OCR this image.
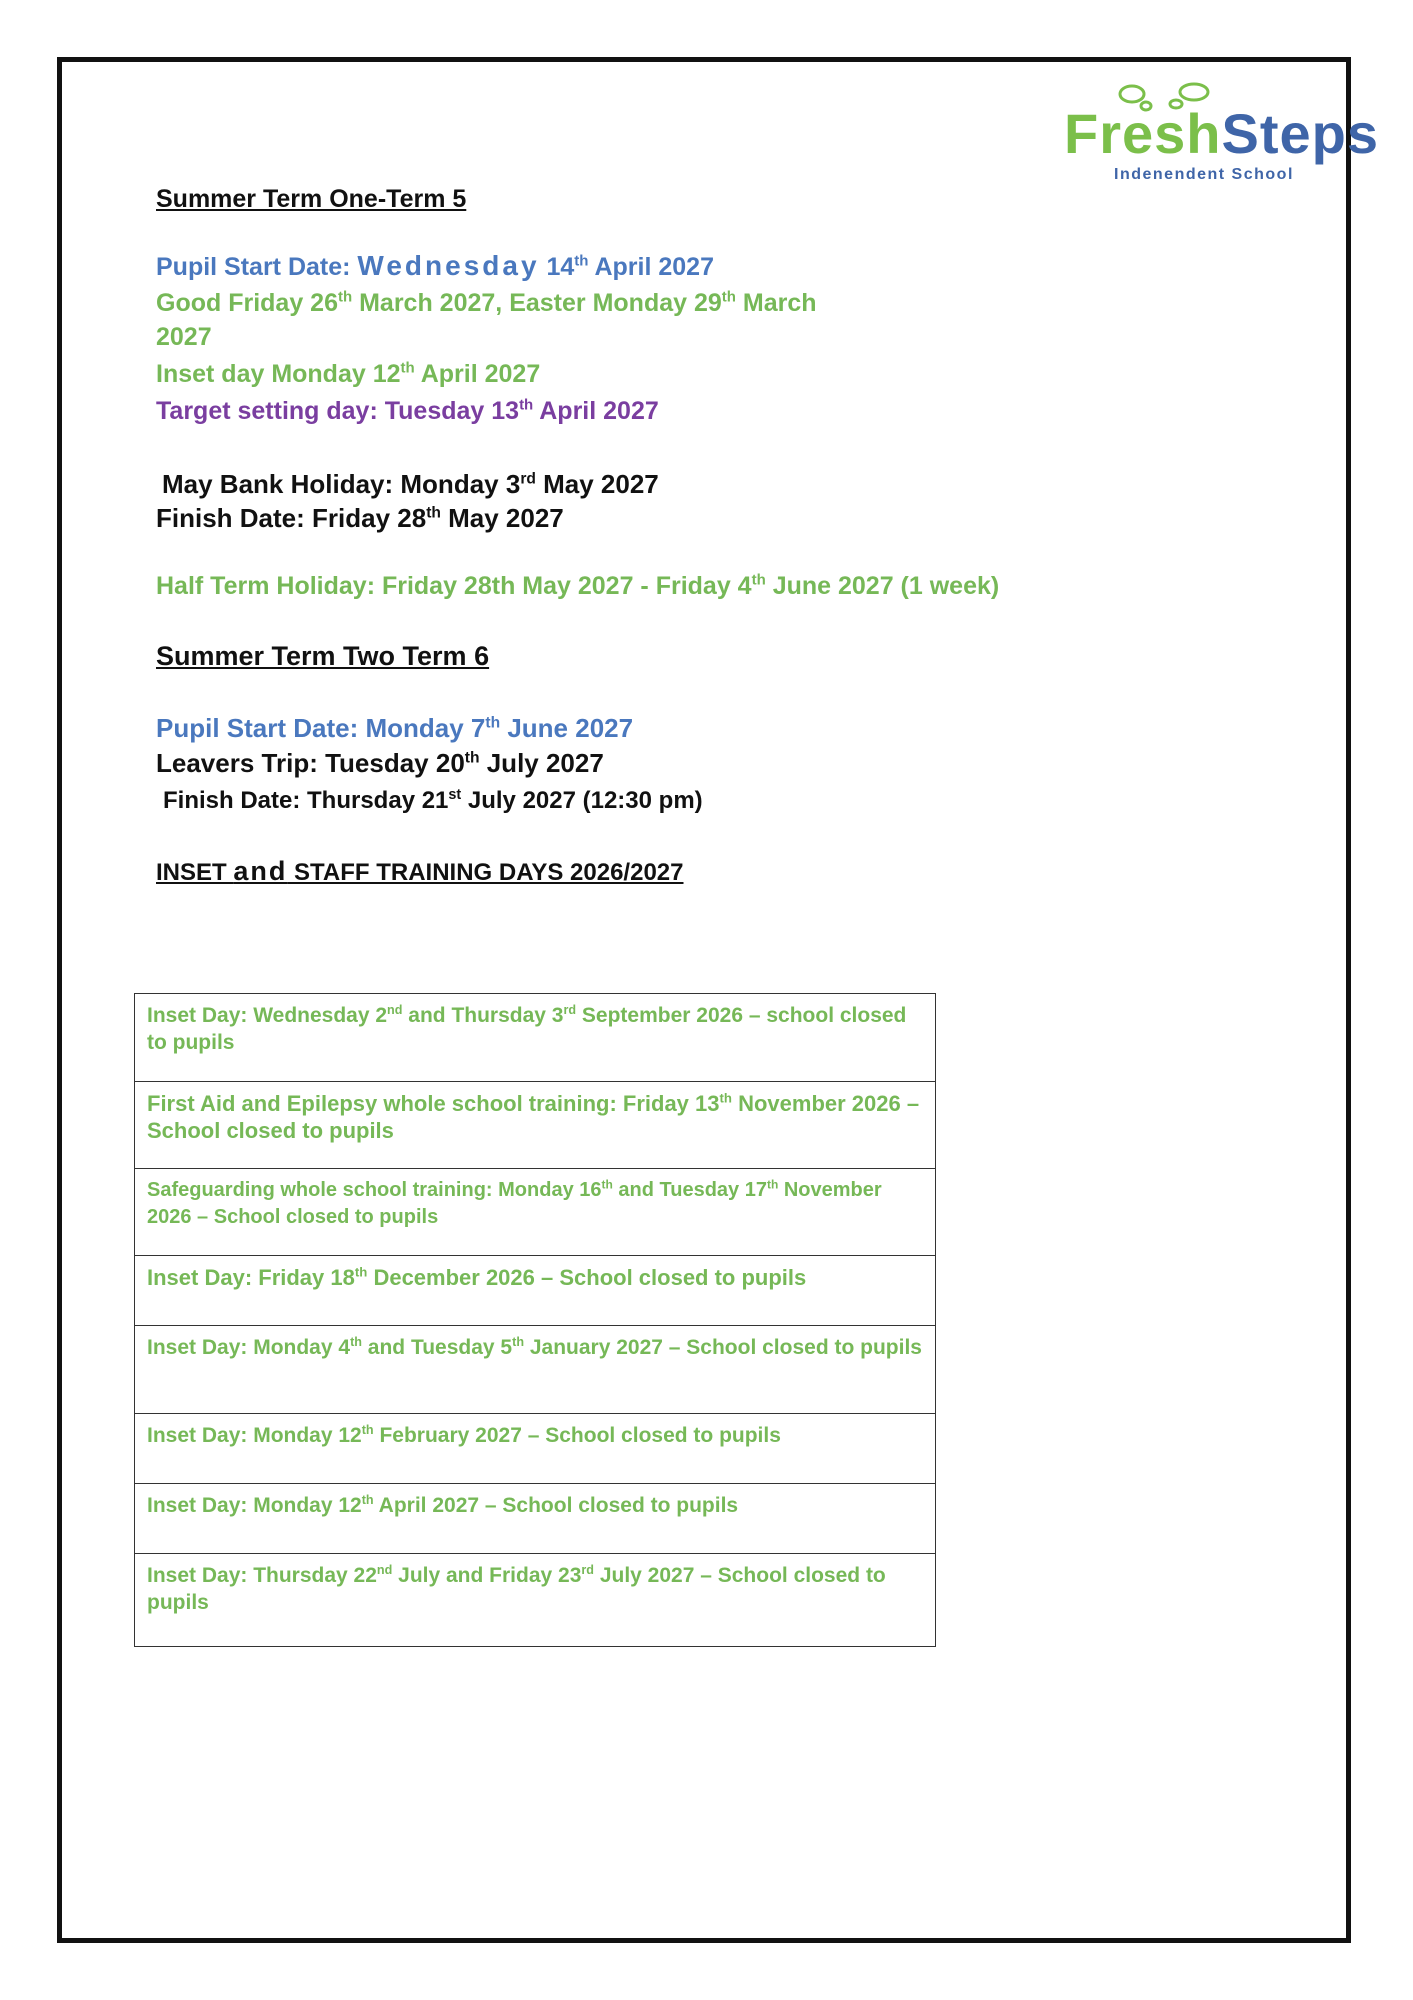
FreshSteps
Indenendent School
Summer Term One-Term 5
Pupil Start Date: Wednesday 14th April 2027
Good Friday 26th March 2027, Easter Monday 29th March
2027
Inset day Monday 12th April 2027
Target setting day: Tuesday 13th April 2027
May Bank Holiday: Monday 3rd May 2027
Finish Date: Friday 28th May 2027
Half Term Holiday: Friday 28th May 2027 - Friday 4th June 2027 (1 week)
Summer Term Two Term 6
Pupil Start Date: Monday 7th June 2027
Leavers Trip: Tuesday 20th July 2027
Finish Date: Thursday 21st July 2027 (12:30 pm)
INSET and STAFF TRAINING DAYS 2026/2027
Inset Day: Wednesday 2nd and Thursday 3rd September 2026 – school closed to pupils
First Aid and Epilepsy whole school training: Friday 13th November 2026 – School closed to pupils
Safeguarding whole school training: Monday 16th and Tuesday 17th November 2026 – School closed to pupils
Inset Day: Friday 18th December 2026 – School closed to pupils
Inset Day: Monday 4th and Tuesday 5th January 2027 – School closed to pupils
Inset Day: Monday 12th February 2027 – School closed to pupils
Inset Day: Monday 12th April 2027 – School closed to pupils
Inset Day: Thursday 22nd July and Friday 23rd July 2027 – School closed to pupils
